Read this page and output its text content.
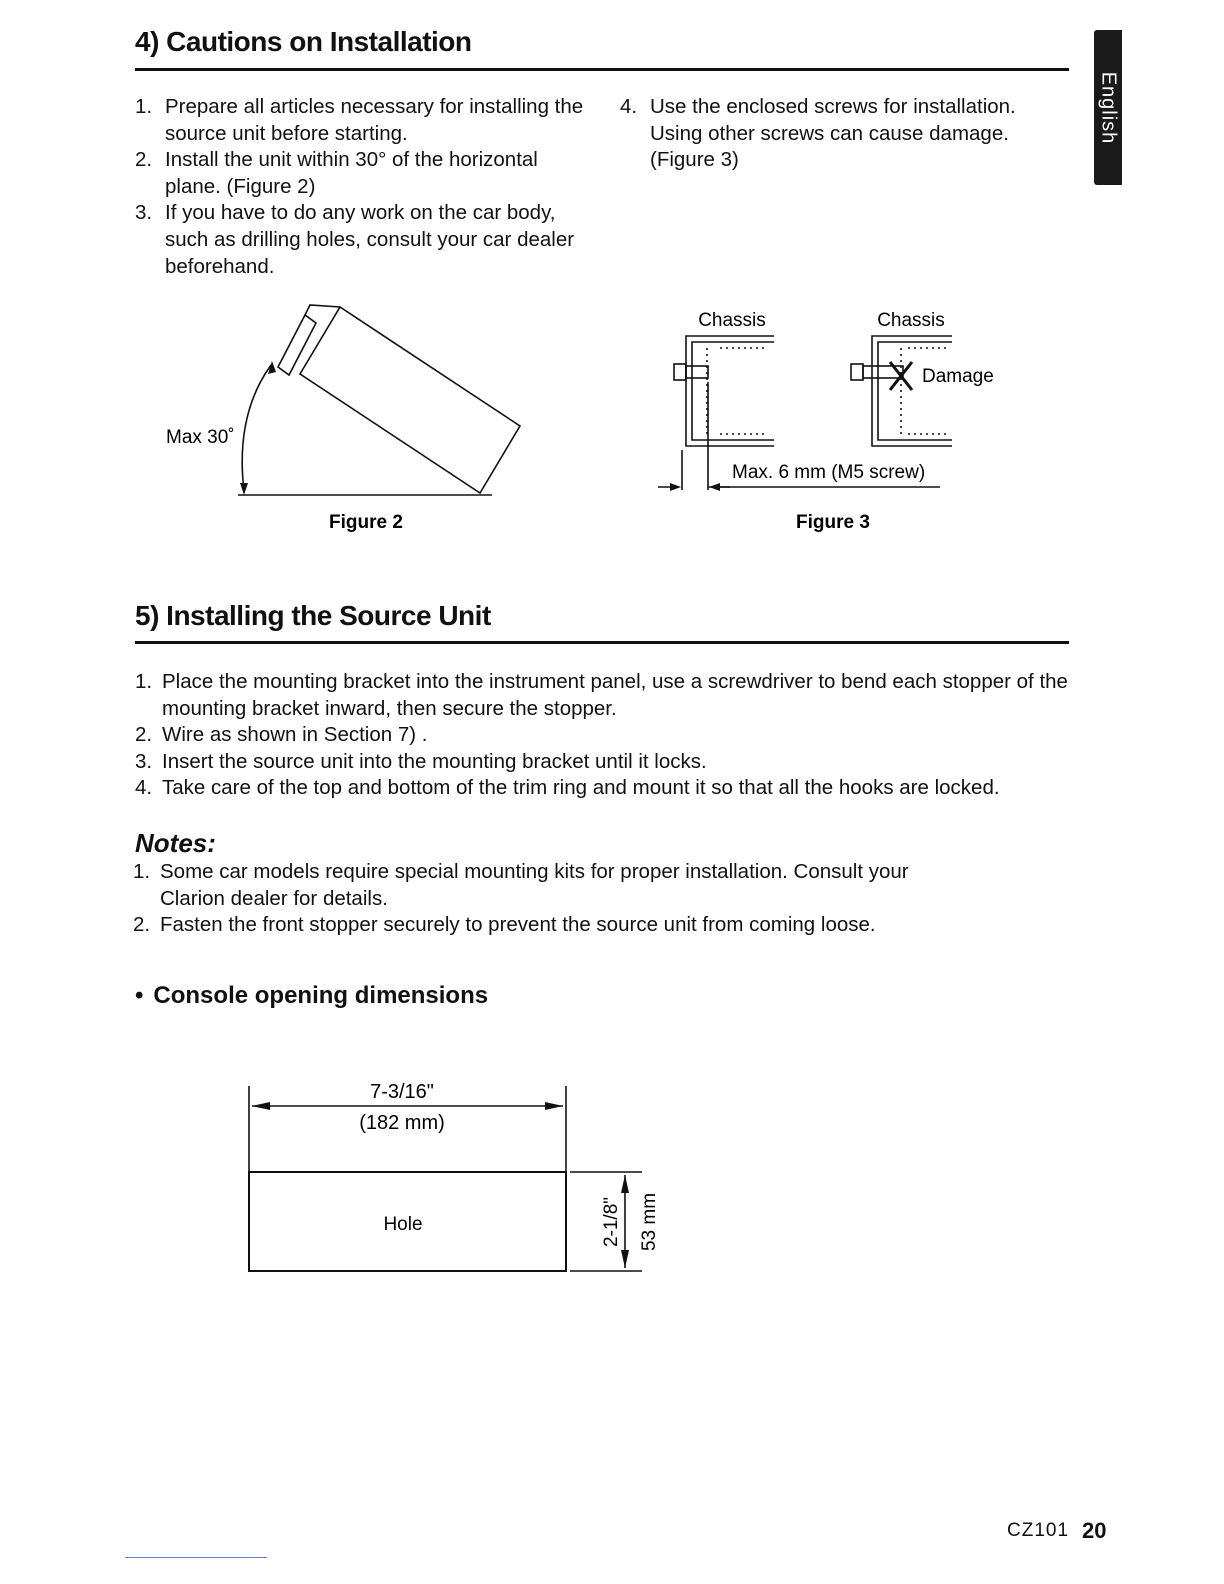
English
4) Cautions on Installation
1. Prepare all articles necessary for installing the source unit before starting.
2. Install the unit within 30° of the horizontal plane. (Figure 2)
3. If you have to do any work on the car body, such as drilling holes, consult your car dealer beforehand.
4. Use the enclosed screws for installation. Using other screws can cause damage. (Figure 3)
Max 30˚
Figure 2
Chassis	Chassis
Damage
Max. 6 mm (M5 screw)
Figure 3
5) Installing the Source Unit
1. Place the mounting bracket into the instrument panel, use a screwdriver to bend each stopper of the mounting bracket inward, then secure the stopper.
2. Wire as shown in Section 7) .
3. Insert the source unit into the mounting bracket until it locks.
4. Take care of the top and bottom of the trim ring and mount it so that all the hooks are locked.
Notes:
1. Some car models require special mounting kits for proper installation. Consult your Clarion dealer for details.
2. Fasten the front stopper securely to prevent the source unit from coming loose.
• Console opening dimensions
7-3/16"
(182 mm)
Hole	2-1/8" 53 mm
CZ101 20
